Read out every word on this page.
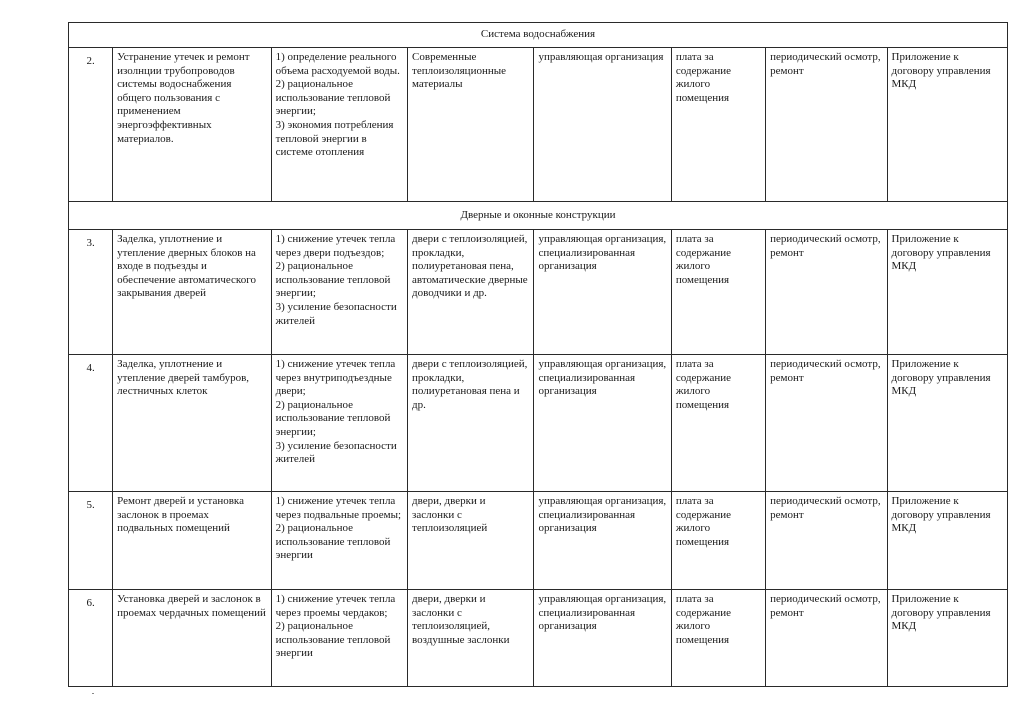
Система водоснабжения							
2.	Устранение утечек и ремонт изолнции трубопроводов системы водоснабжения общего пользования с применением энергоэффективных материалов.	1) определение реального объема расходуемой воды.
2) рациональное использование тепловой энергии;
3) экономия потребления тепловой энергии в системе отопления	Современные теплоизоляционные материалы	управляющая организация	плата за содержание жилого помещения	периодический осмотр, ремонт	Приложение к договору управления МКД
Дверные и оконные конструкции							
3.	Заделка, уплотнение и утепление дверных блоков на входе в подъезды и обеспечение автоматического закрывания дверей	1) снижение утечек тепла через двери подъездов;
2) рациональное использование тепловой энергии;
3) усиление безопасности жителей	двери с теплоизоляцией, прокладки, полиуретановая пена, автоматические дверные доводчики и др.	управляющая организация, специализированная организация	плата за содержание жилого помещения	периодический осмотр, ремонт	Приложение к договору управления МКД
4.	Заделка, уплотнение и утепление дверей тамбуров, лестничных клеток	1) снижение утечек тепла через внутриподъездные двери;
2) рациональное использование тепловой энергии;
3) усиление безопасности жителей	двери с теплоизоляцией, прокладки, полиуретановая пена и др.	управляющая организация, специализированная организация	плата за содержание жилого помещения	периодический осмотр, ремонт	Приложение к договору управления МКД
5.	Ремонт дверей и установка заслонок в проемах подвальных помещений	1) снижение утечек тепла через подвальные проемы;
2) рациональное использование тепловой энергии	двери, дверки и заслонки с теплоизоляцией	управляющая организация, специализированная организация	плата за содержание жилого помещения	периодический осмотр, ремонт	Приложение к договору управления МКД
6.	Установка дверей и заслонок в проемах чердачных помещений	1) снижение утечек тепла через проемы чердаков;
2) рациональное использование тепловой энергии	двери, дверки и заслонки с теплоизоляцией, воздушные заслонки	управляющая организация, специализированная организация	плата за содержание жилого помещения	периодический осмотр, ремонт	Приложение к договору управления МКД
